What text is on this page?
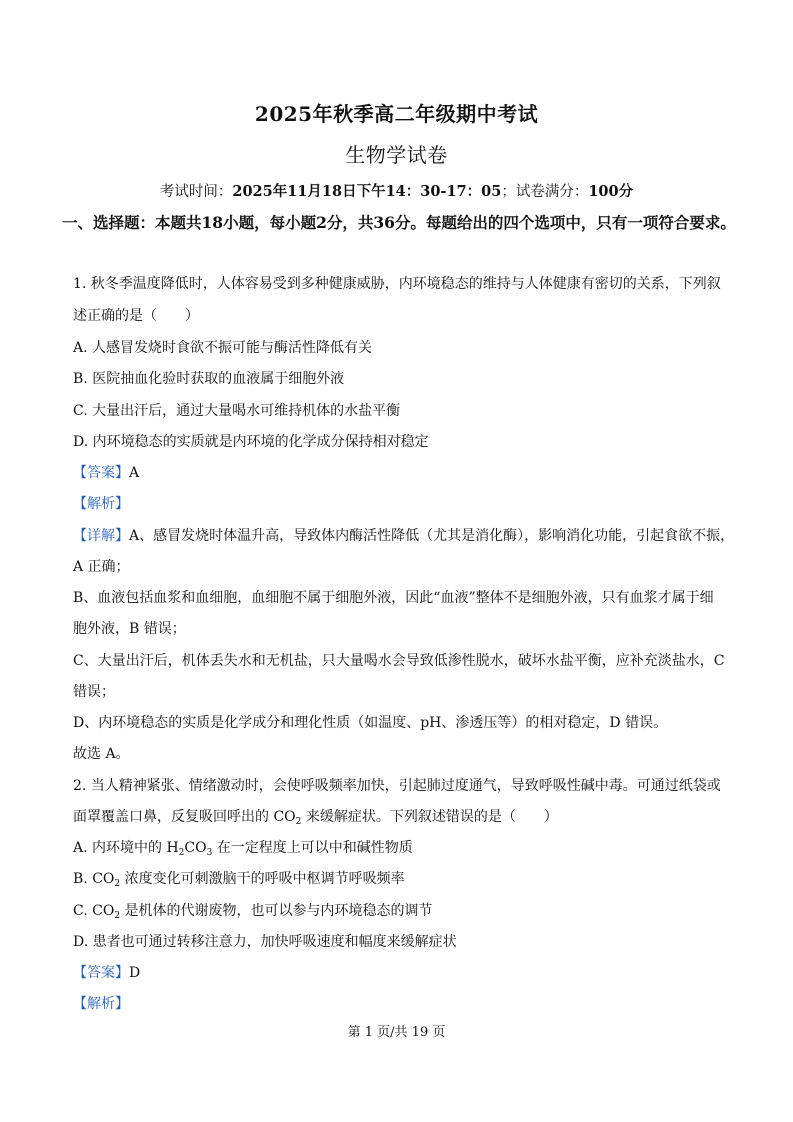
2025年秋季高二年级期中考试
生物学试卷
考试时间：2025年11月18日下午14：30-17：05；试卷满分：100分
一、选择题：本题共18小题，每小题2分，共36分。每题给出的四个选项中，只有一项符合要求。
1. 秋冬季温度降低时，人体容易受到多种健康威胁，内环境稳态的维持与人体健康有密切的关系，下列叙
述正确的是（　　）
A. 人感冒发烧时食欲不振可能与酶活性降低有关
B. 医院抽血化验时获取的血液属于细胞外液
C. 大量出汗后，通过大量喝水可维持机体的水盐平衡
D. 内环境稳态的实质就是内环境的化学成分保持相对稳定
【答案】A
【解析】
【详解】A、感冒发烧时体温升高，导致体内酶活性降低（尤其是消化酶），影响消化功能，引起食欲不振，
A 正确；
B、血液包括血浆和血细胞，血细胞不属于细胞外液，因此“血液”整体不是细胞外液，只有血浆才属于细
胞外液，B 错误；
C、大量出汗后，机体丢失水和无机盐，只大量喝水会导致低渗性脱水，破坏水盐平衡，应补充淡盐水，C
错误；
D、内环境稳态的实质是化学成分和理化性质（如温度、pH、渗透压等）的相对稳定，D 错误。
故选 A。
2. 当人精神紧张、情绪激动时，会使呼吸频率加快，引起肺过度通气，导致呼吸性碱中毒。可通过纸袋或
面罩覆盖口鼻，反复吸回呼出的 $CO_2$ 来缓解症状。下列叙述错误的是（　　）
A. 内环境中的 $H_2CO_3$ 在一定程度上可以中和碱性物质
B. $CO_2$ 浓度变化可刺激脑干的呼吸中枢调节呼吸频率
C. $CO_2$ 是机体的代谢废物，也可以参与内环境稳态的调节
D. 患者也可通过转移注意力，加快呼吸速度和幅度来缓解症状
【答案】D
【解析】
第 1 页/共 19 页
